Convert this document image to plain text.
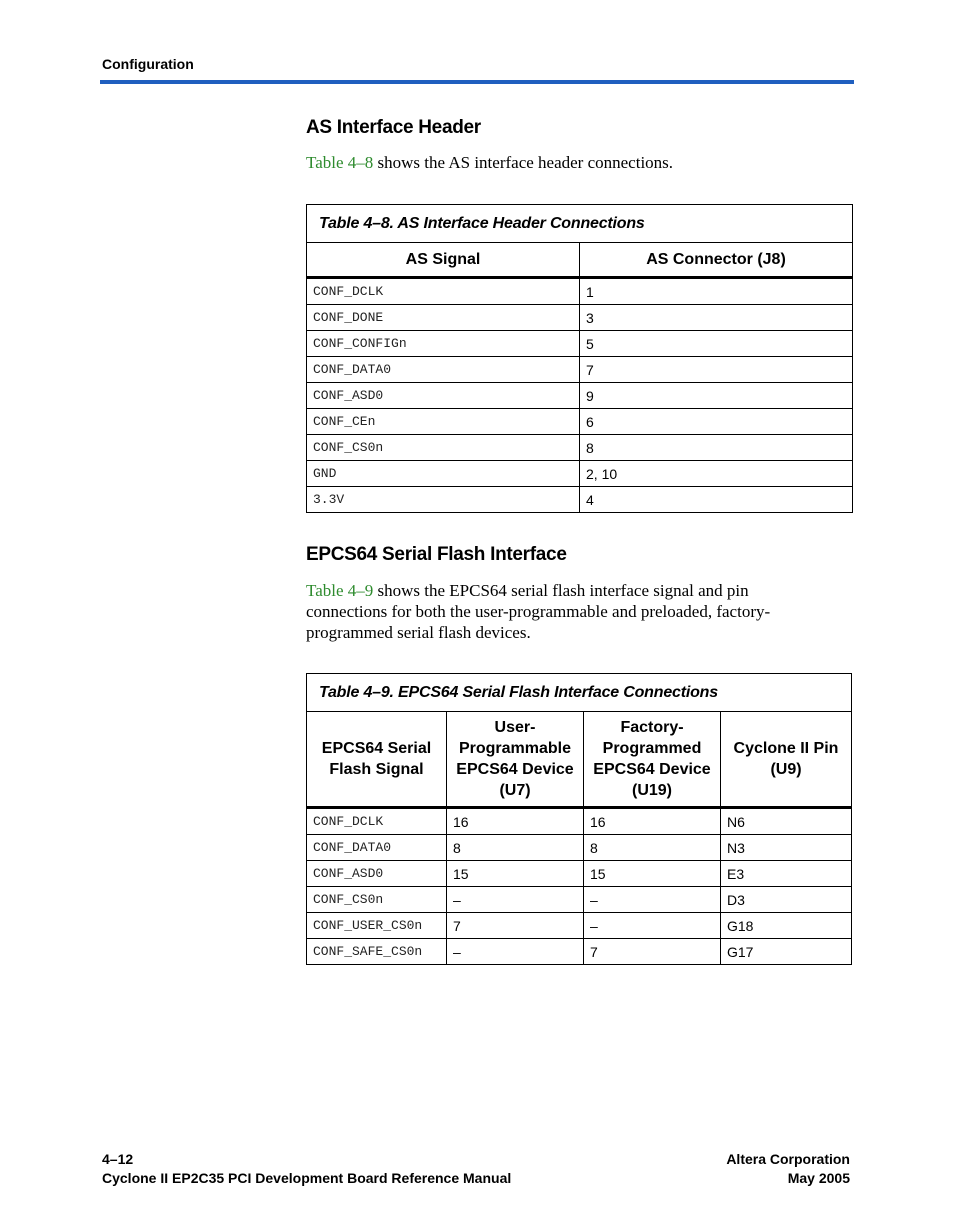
Configuration
AS Interface Header

Table 4–8 shows the AS interface header connections.

Table 4–8. AS Interface Header Connections	
AS Signal	AS Connector (J8)
CONF_DCLK	1
CONF_DONE	3
CONF_CONFIGn	5
CONF_DATA0	7
CONF_ASD0	9
CONF_CEn	6
CONF_CS0n	8
GND	2, 10
3.3V	4
EPCS64 Serial Flash Interface

Table 4–9 shows the EPCS64 serial flash interface signal and pin connections for both the user-programmable and preloaded, factory-programmed serial flash devices.

Table 4–9. EPCS64 Serial Flash Interface Connections			
EPCS64 Serial Flash Signal	User-Programmable EPCS64 Device (U7)	Factory-Programmed EPCS64 Device (U19)	Cyclone II Pin (U9)
CONF_DCLK	16	16	N6
CONF_DATA0	8	8	N3
CONF_ASD0	15	15	E3
CONF_CS0n	–	–	D3
CONF_USER_CS0n	7	–	G18
CONF_SAFE_CS0n	–	7	G17
4–12
Cyclone II EP2C35 PCI Development Board Reference Manual
Altera Corporation
May 2005
